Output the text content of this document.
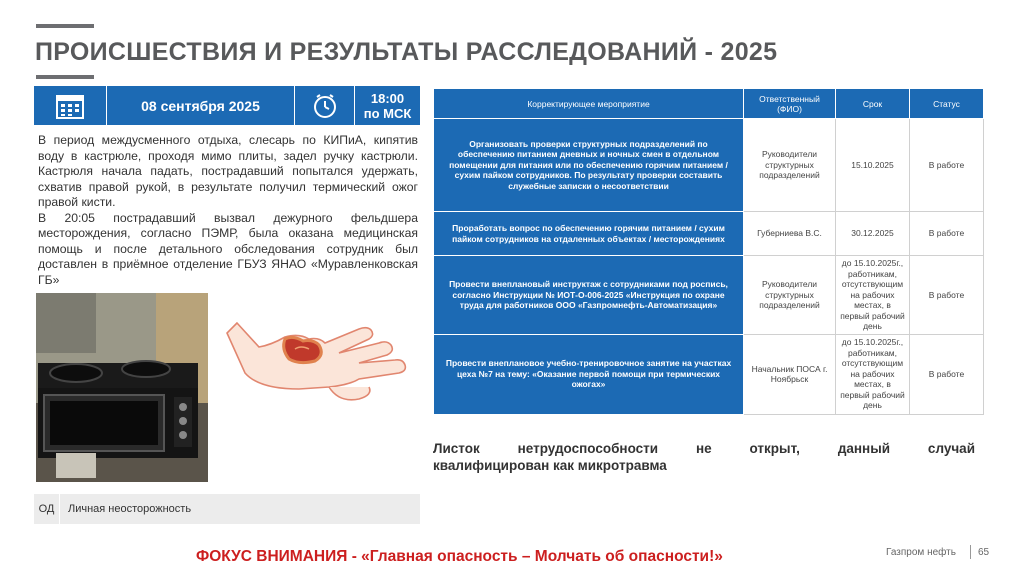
ПРОИСШЕСТВИЯ И РЕЗУЛЬТАТЫ РАССЛЕДОВАНИЙ - 2025
08 сентября 2025	18:00
по МСК

В период междусменного отдыха, слесарь по КИПиА, кипятив воду в кастрюле, проходя мимо плиты, задел ручку кастрюли. Кастрюля начала падать, пострадавший попытался удержать, схватив правой рукой, в результате получил термический ожог правой кисти.

В 20:05 пострадавший вызвал дежурного фельдшера месторождения, согласно ПЭМР, была оказана медицинская помощь и после детального обследования сотрудник был доставлен в приёмное отделение ГБУЗ ЯНАО «Муравленковская ГБ»

ОД	Личная неосторожность
Корректирующее мероприятие	Ответственный (ФИО)	Срок	Статус
Организовать проверки структурных подразделений по обеспечению питанием дневных и ночных смен в отдельном помещении для питания или по обеспечению горячим питанием / сухим пайком сотрудников. По результату проверки составить служебные записки о несоответствии	Руководители структурных подразделений	15.10.2025	В работе
Проработать вопрос по обеспечению горячим питанием / сухим пайком сотрудников на отдаленных объектах / месторождениях	Губерниева В.С.	30.12.2025	В работе
Провести внеплановый инструктаж с сотрудниками под роспись, согласно Инструкции № ИОТ-О-006-2025 «Инструкция по охране труда для работников ООО «Газпромнефть-Автоматизация»	Руководители структурных подразделений	до 15.10.2025г., работникам, отсутствующим на рабочих местах, в первый рабочий день	В работе
Провести внеплановое учебно-тренировочное занятие на участках цеха №7 на тему: «Оказание первой помощи при термических ожогах»	Начальник ПОСА г. Ноябрьск	до 15.10.2025г., работникам, отсутствующим на рабочих местах, в первый рабочий день	В работе
Листок нетрудоспособности не открыт, данный случай
квалифицирован как микротравма
ФОКУС ВНИМАНИЯ - «Главная опасность – Молчать об опасности!»	Газпром нефть 65
